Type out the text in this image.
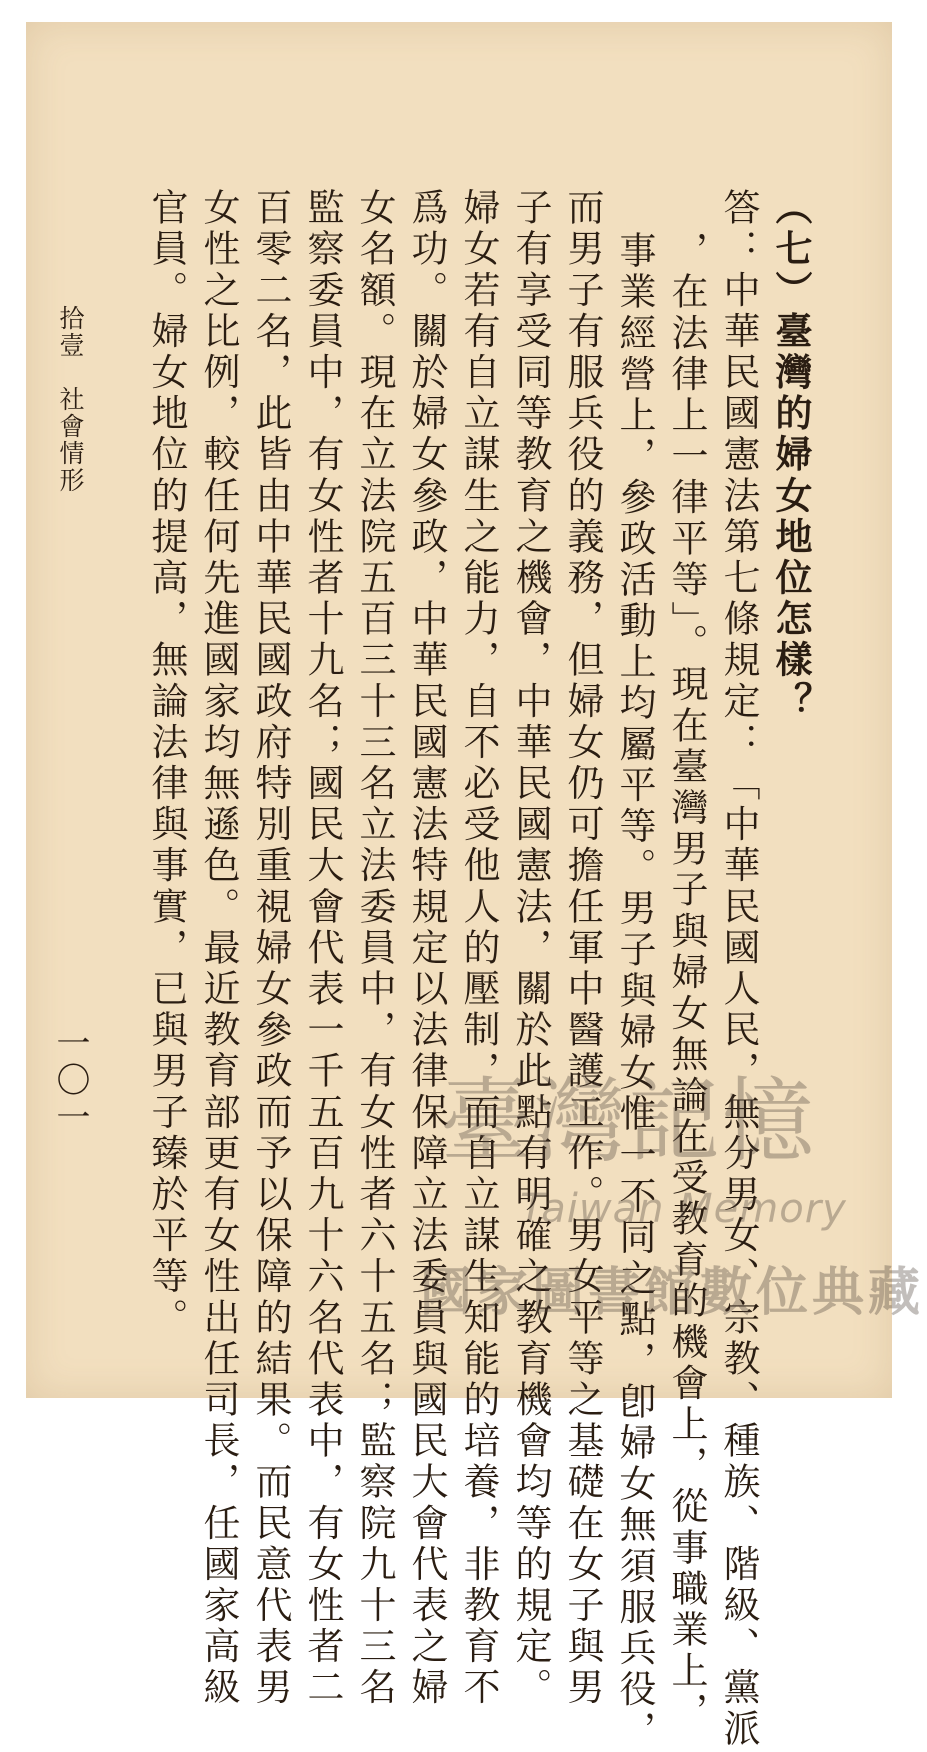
（七）臺灣的婦女地位怎樣？
答：中華民國憲法第七條規定：「中華民國人民，無分男女、宗教、種族、階級、黨派
，在法律上一律平等」。現在臺灣男子與婦女無論在受教育的機會上，從事職業上，
事業經營上，參政活動上均屬平等。男子與婦女惟一不同之點，卽婦女無須服兵役，
而男子有服兵役的義務，但婦女仍可擔任軍中醫護工作。男女平等之基礎在女子與男
子有享受同等教育之機會，中華民國憲法，關於此點有明確之教育機會均等的規定。
婦女若有自立謀生之能力，自不必受他人的壓制，而自立謀生知能的培養，非教育不
爲功。關於婦女參政，中華民國憲法特規定以法律保障立法委員與國民大會代表之婦
女名額。現在立法院五百三十三名立法委員中，有女性者六十五名；監察院九十三名
監察委員中，有女性者十九名；國民大會代表一千五百九十六名代表中，有女性者二
百零二名，此皆由中華民國政府特別重視婦女參政而予以保障的結果。而民意代表男
女性之比例，較任何先進國家均無遜色。最近教育部更有女性出任司長，任國家高級
官員。婦女地位的提高，無論法律與事實，已與男子臻於平等。
拾壹　社會情形
一〇一	臺灣記憶
Taiwan Memory
國家圖書館數位典藏
